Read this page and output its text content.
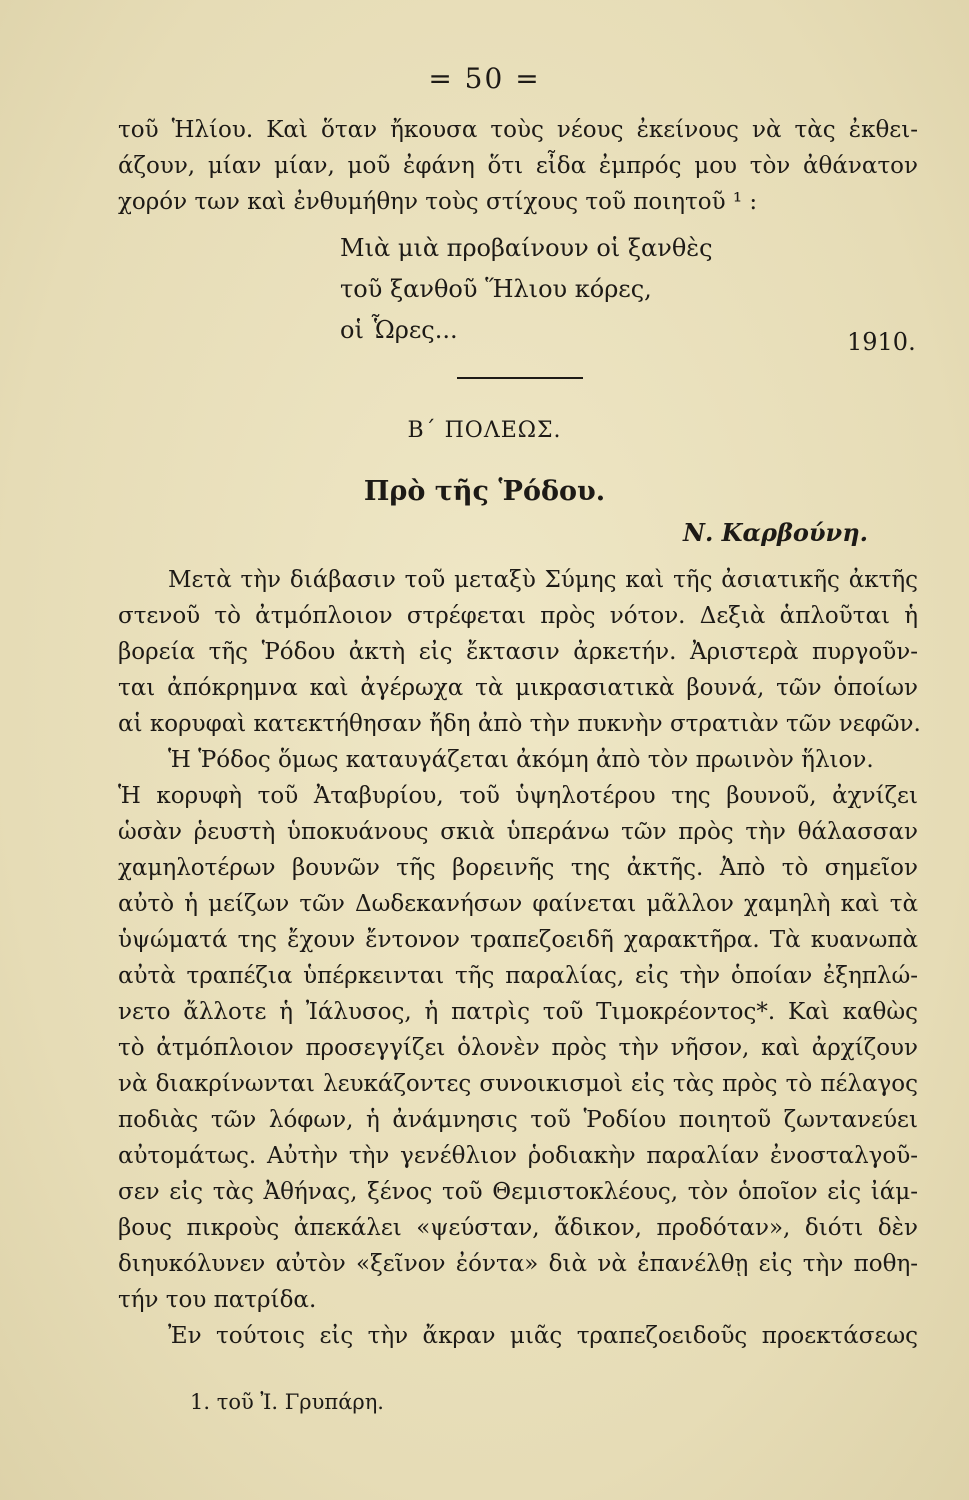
= 50 =
τοῦ Ἡλίου. Καὶ ὅταν ἤκουσα τοὺς νέους ἐκείνους νὰ τὰς ἐκθει-
άζουν, μίαν μίαν, μοῦ ἐφάνη ὅτι εἶδα ἐμπρός μου τὸν ἀθάνατον
χορόν των καὶ ἐνθυμήθην τοὺς στίχους τοῦ ποιητοῦ ¹ :
Μιὰ μιὰ προβαίνουν οἱ ξανθὲς
τοῦ ξανθοῦ Ἥλιου κόρες,
οἱ Ὧρες...	1910.
Β΄ ΠΟΛΕΩΣ.
Πρὸ τῆς Ῥόδου.
Ν. Καρβούνη.
Μετὰ τὴν διάβασιν τοῦ μεταξὺ Σύμης καὶ τῆς ἀσιατικῆς ἀκτῆς
στενοῦ τὸ ἀτμόπλοιον στρέφεται πρὸς νότον. Δεξιὰ ἁπλοῦται ἡ
βορεία τῆς Ῥόδου ἀκτὴ εἰς ἔκτασιν ἀρκετήν. Ἀριστερὰ πυργοῦν-
ται ἀπόκρημνα καὶ ἀγέρωχα τὰ μικρασιατικὰ βουνά, τῶν ὁποίων
αἱ κορυφαὶ κατεκτήθησαν ἤδη ἀπὸ τὴν πυκνὴν στρατιὰν τῶν νεφῶν.
Ἡ Ῥόδος ὅμως καταυγάζεται ἀκόμη ἀπὸ τὸν πρωινὸν ἥλιον.
Ἡ κορυφὴ τοῦ Ἀταβυρίου, τοῦ ὑψηλοτέρου της βουνοῦ, ἀχνίζει
ὡσὰν ῥευστὴ ὑποκυάνους σκιὰ ὑπεράνω τῶν πρὸς τὴν θάλασσαν
χαμηλοτέρων βουνῶν τῆς βορεινῆς της ἀκτῆς. Ἀπὸ τὸ σημεῖον
αὐτὸ ἡ μείζων τῶν Δωδεκανήσων φαίνεται μᾶλλον χαμηλὴ καὶ τὰ
ὑψώματά της ἔχουν ἔντονον τραπεζοειδῆ χαρακτῆρα. Τὰ κυανωπὰ
αὐτὰ τραπέζια ὑπέρκεινται τῆς παραλίας, εἰς τὴν ὁποίαν ἐξηπλώ-
νετο ἄλλοτε ἡ Ἰάλυσος, ἡ πατρὶς τοῦ Τιμοκρέοντος*. Καὶ καθὼς
τὸ ἀτμόπλοιον προσεγγίζει ὁλονὲν πρὸς τὴν νῆσον, καὶ ἀρχίζουν
νὰ διακρίνωνται λευκάζοντες συνοικισμοὶ εἰς τὰς πρὸς τὸ πέλαγος
ποδιὰς τῶν λόφων, ἡ ἀνάμνησις τοῦ Ῥοδίου ποιητοῦ ζωντανεύει
αὐτομάτως. Αὐτὴν τὴν γενέθλιον ῥοδιακὴν παραλίαν ἐνοσταλγοῦ-
σεν εἰς τὰς Ἀθήνας, ξένος τοῦ Θεμιστοκλέους, τὸν ὁποῖον εἰς ἰάμ-
βους πικροὺς ἀπεκάλει «ψεύσταν, ἄδικον, προδόταν», διότι δὲν
διηυκόλυνεν αὐτὸν «ξεῖνον ἐόντα» διὰ νὰ ἐπανέλθῃ εἰς τὴν ποθη-
τήν του πατρίδα.
Ἐν τούτοις εἰς τὴν ἄκραν μιᾶς τραπεζοειδοῦς προεκτάσεως
1. τοῦ Ἰ. Γρυπάρη.
